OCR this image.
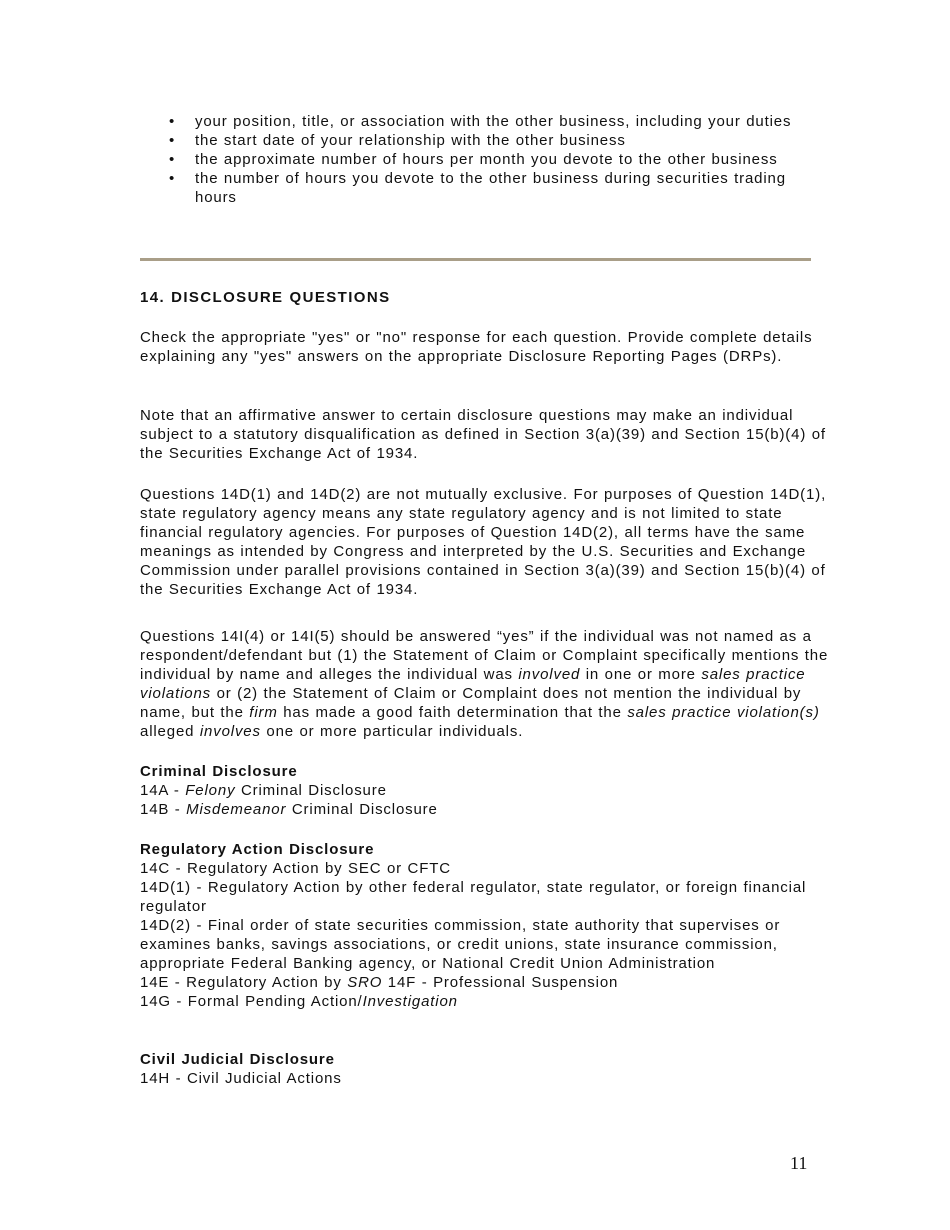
• your position, title, or association with the other business, including your duties
• the start date of your relationship with the other business
• the approximate number of hours per month you devote to the other business
• the number of hours you devote to the other business during securities trading hours
14. DISCLOSURE QUESTIONS

Check the appropriate "yes" or "no" response for each question. Provide complete details explaining any "yes" answers on the appropriate Disclosure Reporting Pages (DRPs).

Note that an affirmative answer to certain disclosure questions may make an individual subject to a statutory disqualification as defined in Section 3(a)(39) and Section 15(b)(4) of the Securities Exchange Act of 1934.

Questions 14D(1) and 14D(2) are not mutually exclusive. For purposes of Question 14D(1), state regulatory agency means any state regulatory agency and is not limited to state financial regulatory agencies. For purposes of Question 14D(2), all terms have the same meanings as intended by Congress and interpreted by the U.S. Securities and Exchange Commission under parallel provisions contained in Section 3(a)(39) and Section 15(b)(4) of the Securities Exchange Act of 1934.

Questions 14I(4) or 14I(5) should be answered “yes” if the individual was not named as a respondent/defendant but (1) the Statement of Claim or Complaint specifically mentions the individual by name and alleges the individual was involved in one or more sales practice violations or (2) the Statement of Claim or Complaint does not mention the individual by name, but the firm has made a good faith determination that the sales practice violation(s) alleged involves one or more particular individuals.

Criminal Disclosure
14A - Felony Criminal Disclosure
14B - Misdemeanor Criminal Disclosure
Regulatory Action Disclosure
14C - Regulatory Action by SEC or CFTC
14D(1) - Regulatory Action by other federal regulator, state regulator, or foreign financial regulator
14D(2) - Final order of state securities commission, state authority that supervises or examines banks, savings associations, or credit unions, state insurance commission, appropriate Federal Banking agency, or National Credit Union Administration
14E - Regulatory Action by SRO 14F - Professional Suspension
14G - Formal Pending Action/Investigation
Civil Judicial Disclosure
14H - Civil Judicial Actions
11
